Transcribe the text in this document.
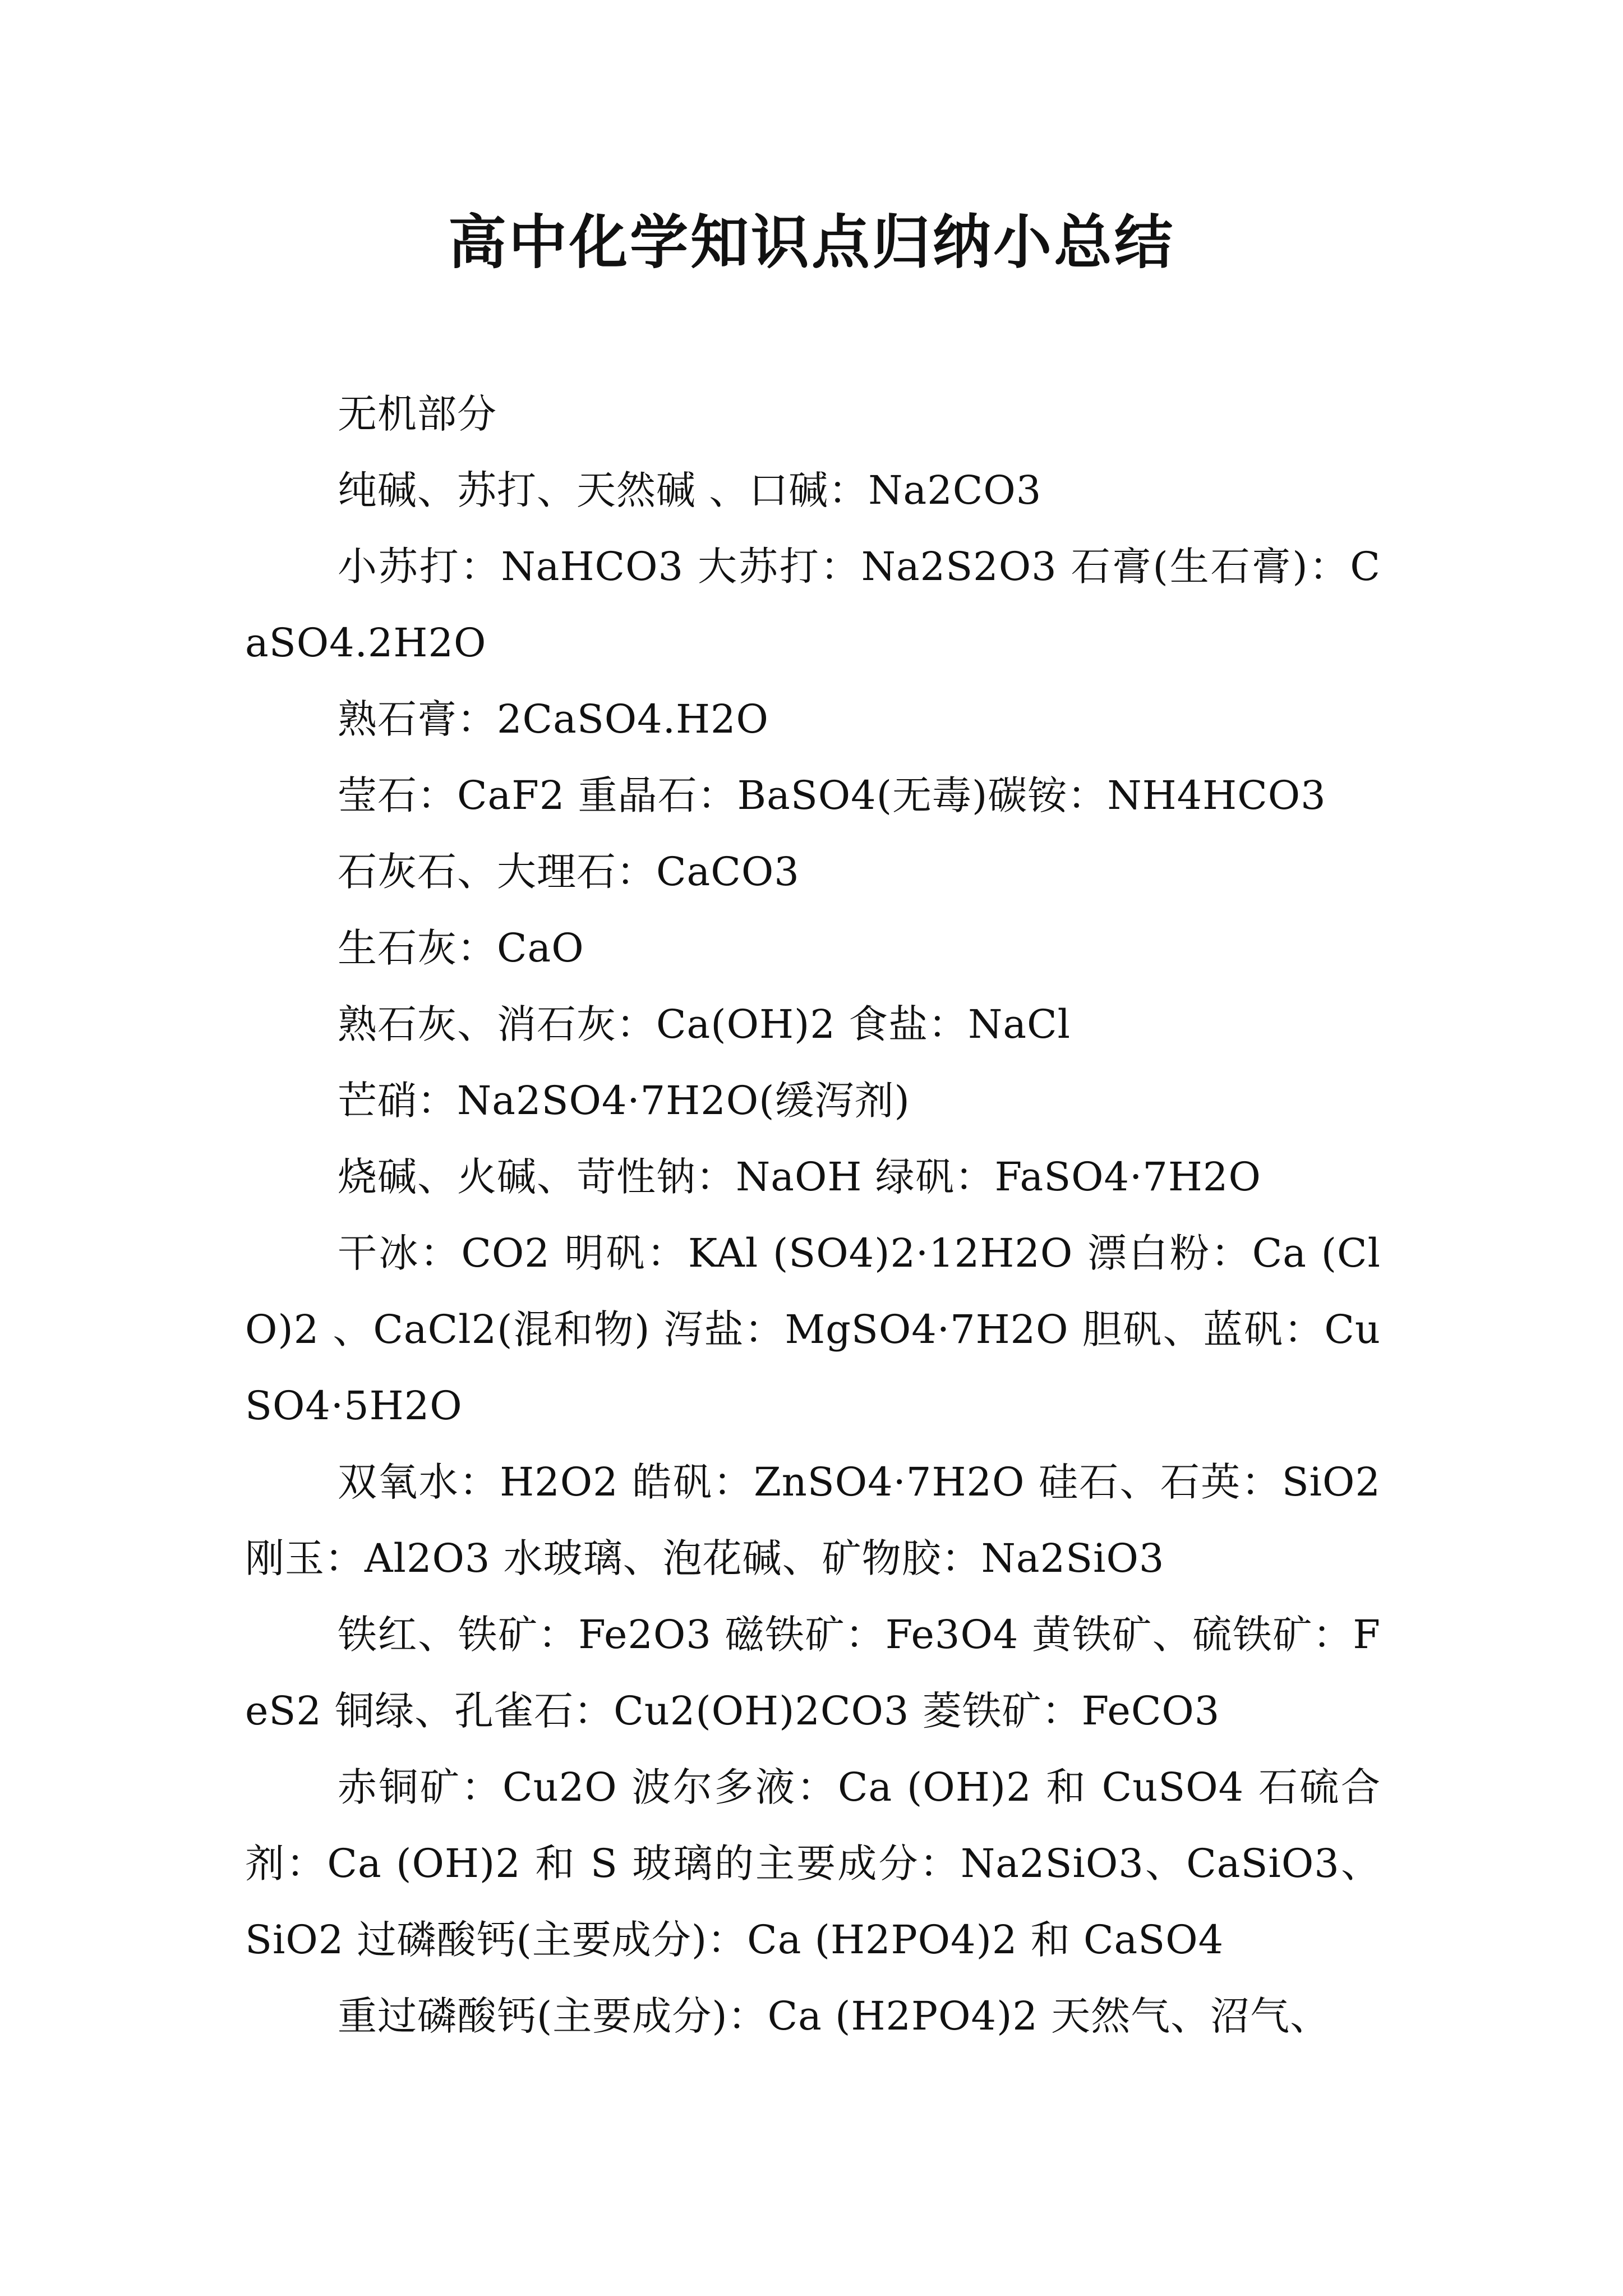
高中化学知识点归纳小总结

无机部分

纯碱、苏打、天然碱 、口碱：Na2CO3

小苏打：NaHCO3 大苏打：Na2S2O3 石膏(生石膏)：CaSO4.2H2O

熟石膏：2CaSO4.H2O

莹石：CaF2 重晶石：BaSO4(无毒)碳铵：NH4HCO3

石灰石、大理石：CaCO3

生石灰：CaO

熟石灰、消石灰：Ca(OH)2 食盐：NaCl

芒硝：Na2SO4·7H2O(缓泻剂)

烧碱、火碱、苛性钠：NaOH 绿矾：FaSO4·7H2O

干冰：CO2 明矾：KAl (SO4)2·12H2O 漂白粉：Ca (ClO)2 、CaCl2(混和物) 泻盐：MgSO4·7H2O 胆矾、蓝矾：CuSO4·5H2O

双氧水：H2O2 皓矾：ZnSO4·7H2O 硅石、石英：SiO2 刚玉：Al2O3 水玻璃、泡花碱、矿物胶：Na2SiO3

铁红、铁矿：Fe2O3 磁铁矿：Fe3O4 黄铁矿、硫铁矿：FeS2 铜绿、孔雀石：Cu2(OH)2CO3 菱铁矿：FeCO3

赤铜矿：Cu2O 波尔多液：Ca (OH)2 和 CuSO4 石硫合剂：Ca (OH)2 和 S 玻璃的主要成分：Na2SiO3、CaSiO3、SiO2 过磷酸钙(主要成分)：Ca (H2PO4)2 和 CaSO4

重过磷酸钙(主要成分)：Ca (H2PO4)2 天然气、沼气、
